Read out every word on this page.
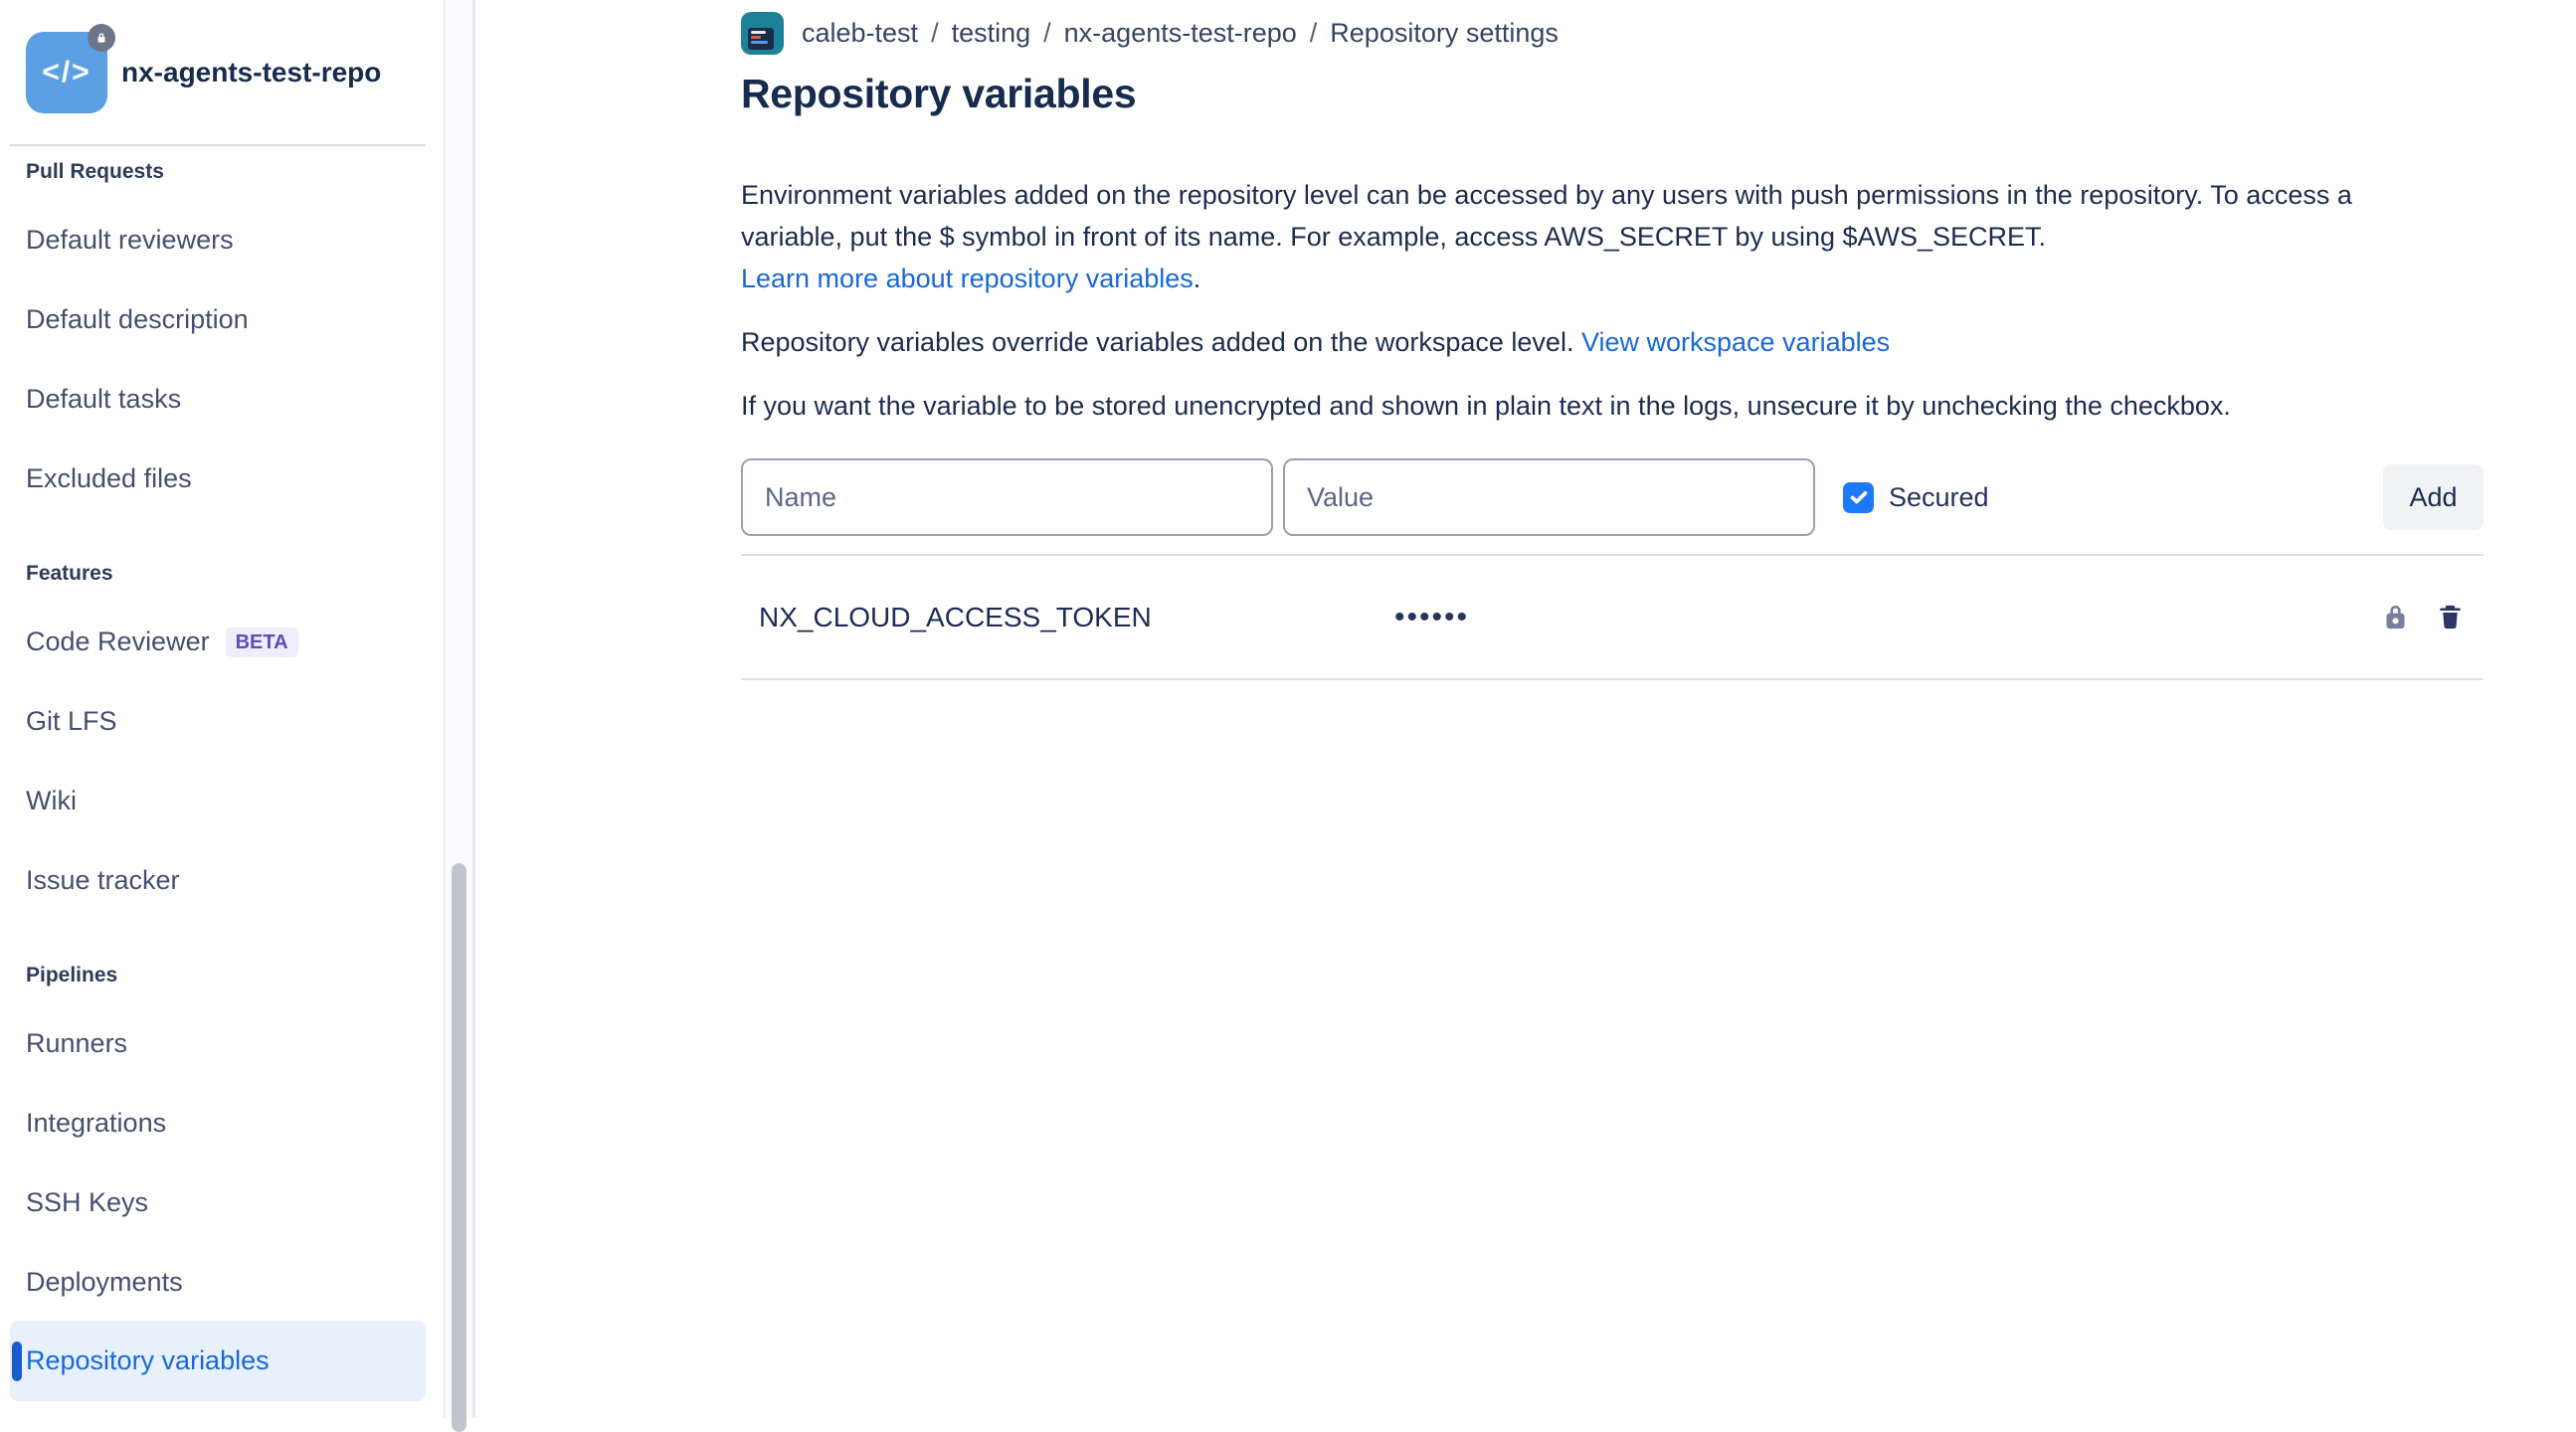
</> nx-agents-test-repo
Pull Requests
Default reviewers
Default description
Default tasks
Excluded files
Features
Code Reviewer	BETA
Git LFS
Wiki
Issue tracker
Pipelines
Runners
Integrations
SSH Keys
Deployments
Repository variables
caleb-test / testing / nx-agents-test-repo / Repository settings
Repository variables
Environment variables added on the repository level can be accessed by any users with push permissions in the repository. To access a
variable, put the $ symbol in front of its name. For example, access AWS_SECRET by using $AWS_SECRET.
Learn more about repository variables.

Repository variables override variables added on the workspace level. View workspace variables

If you want the variable to be stored unencrypted and shown in plain text in the logs, unsecure it by unchecking the checkbox.

Name
Value
Secured	Add
NX_CLOUD_ACCESS_TOKEN	••••••
